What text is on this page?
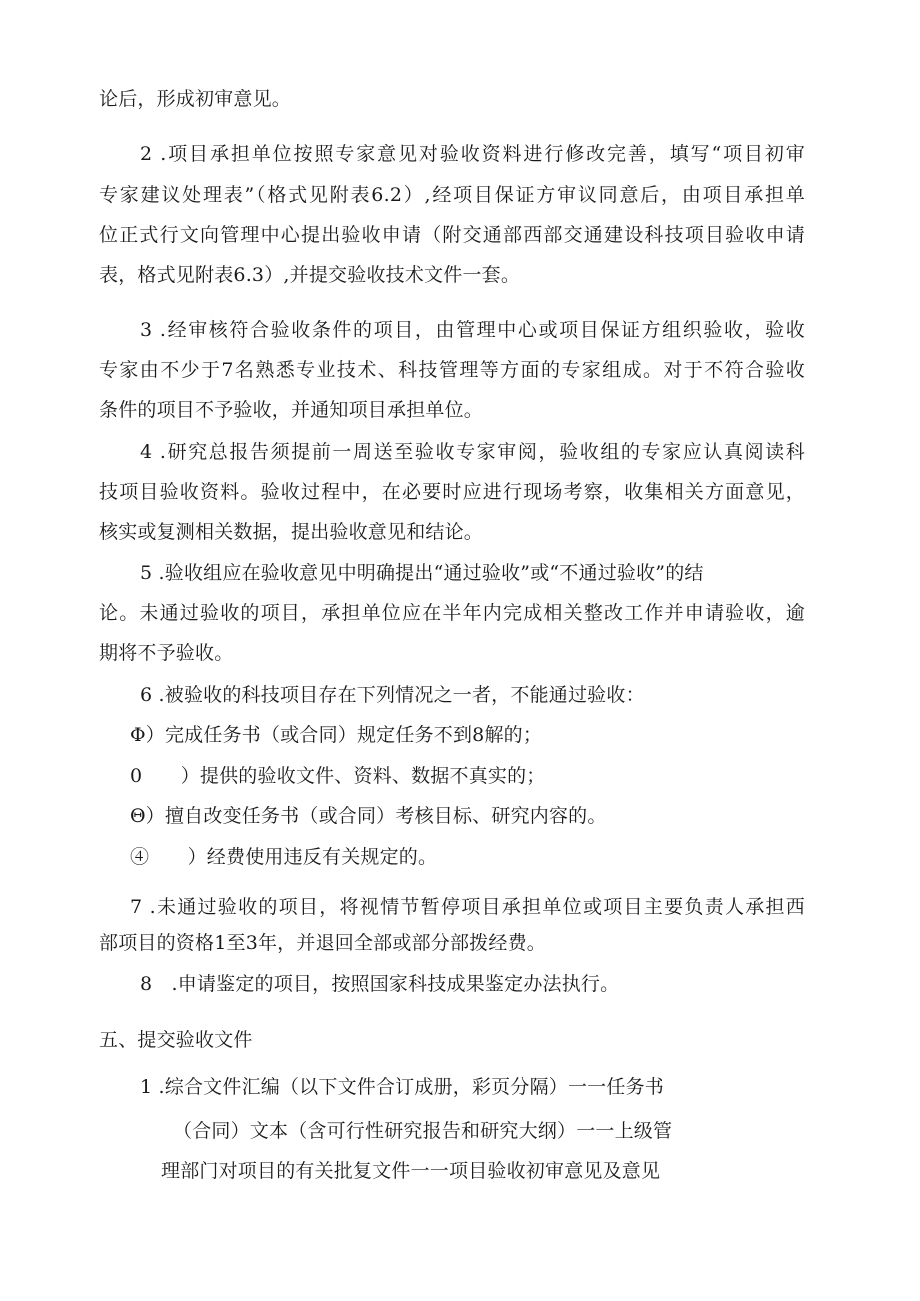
论后，形成初审意见。
2 .项目承担单位按照专家意见对验收资料进行修改完善，填写“项目初审
专家建议处理表”（格式见附表6.2）,经项目保证方审议同意后，由项目承担单
位正式行文向管理中心提出验收申请（附交通部西部交通建设科技项目验收申请
表，格式见附表6.3）,并提交验收技术文件一套。
3 .经审核符合验收条件的项目，由管理中心或项目保证方组织验收，验收
专家由不少于7名熟悉专业技术、科技管理等方面的专家组成。对于不符合验收
条件的项目不予验收，并通知项目承担单位。
4 .研究总报告须提前一周送至验收专家审阅，验收组的专家应认真阅读科
技项目验收资料。验收过程中，在必要时应进行现场考察，收集相关方面意见，
核实或复测相关数据，提出验收意见和结论。
5 .验收组应在验收意见中明确提出“通过验收”或“不通过验收”的结
论。未通过验收的项目，承担单位应在半年内完成相关整改工作并申请验收，逾
期将不予验收。
6 .被验收的科技项目存在下列情况之一者，不能通过验收：
Φ）完成任务书（或合同）规定任务不到8解的；
0　　）提供的验收文件、资料、数据不真实的；
Θ）擅自改变任务书（或合同）考核目标、研究内容的。
④　　）经费使用违反有关规定的。
7 .未通过验收的项目，将视情节暂停项目承担单位或项目主要负责人承担西
部项目的资格1至3年，并退回全部或部分部拨经费。
8　.申请鉴定的项目，按照国家科技成果鉴定办法执行。
五、提交验收文件
1 .综合文件汇编（以下文件合订成册，彩页分隔）一一任务书
（合同）文本（含可行性研究报告和研究大纲）一一上级管
理部门对项目的有关批复文件一一项目验收初审意见及意见
